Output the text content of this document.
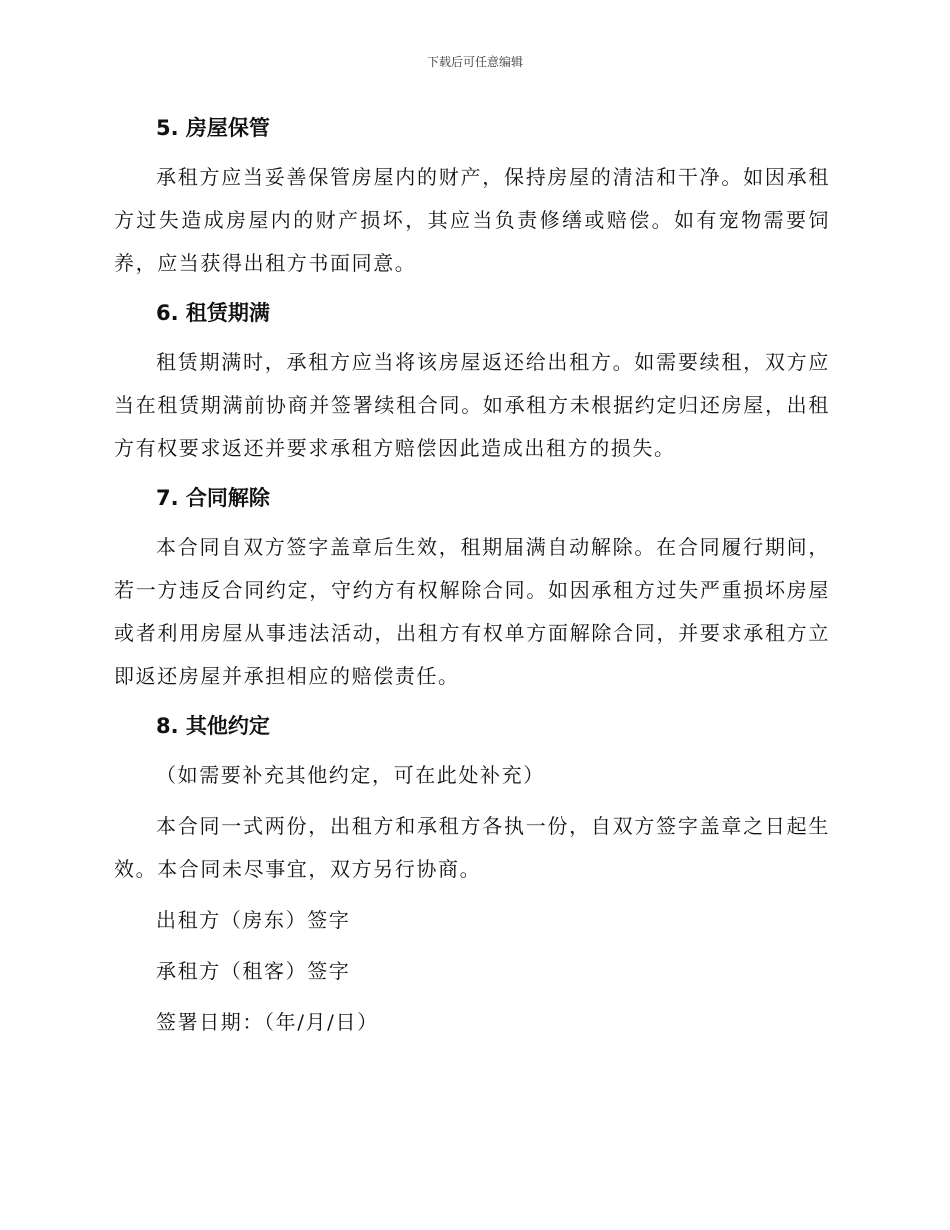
下载后可任意编辑
5. 房屋保管

承租方应当妥善保管房屋内的财产，保持房屋的清洁和干净。如因承租方过失造成房屋内的财产损坏，其应当负责修缮或赔偿。如有宠物需要饲养，应当获得出租方书面同意。

6. 租赁期满

租赁期满时，承租方应当将该房屋返还给出租方。如需要续租，双方应当在租赁期满前协商并签署续租合同。如承租方未根据约定归还房屋，出租方有权要求返还并要求承租方赔偿因此造成出租方的损失。

7. 合同解除

本合同自双方签字盖章后生效，租期届满自动解除。在合同履行期间，若一方违反合同约定，守约方有权解除合同。如因承租方过失严重损坏房屋或者利用房屋从事违法活动，出租方有权单方面解除合同，并要求承租方立即返还房屋并承担相应的赔偿责任。

8. 其他约定

（如需要补充其他约定，可在此处补充）

本合同一式两份，出租方和承租方各执一份，自双方签字盖章之日起生效。本合同未尽事宜，双方另行协商。

出租方（房东）签字

承租方（租客）签字

签署日期：（年/月/日）
